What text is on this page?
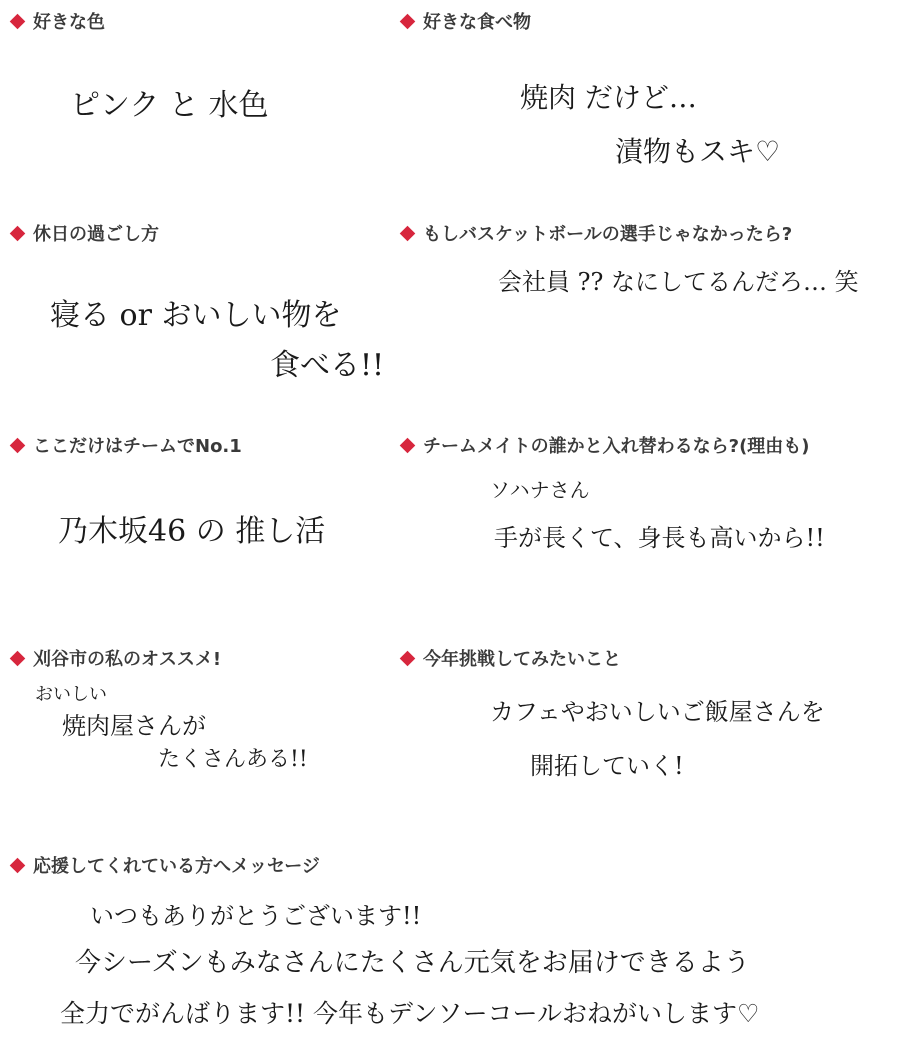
好きな色
ピンク と 水色
好きな食べ物
焼肉 だけど…
漬物もスキ♡
休日の過ごし方
寝る or おいしい物を
食べる!!
もしバスケットボールの選手じゃなかったら?
会社員 ?? なにしてるんだろ… 笑
ここだけはチームでNo.1
乃木坂46 の 推し活
チームメイトの誰かと入れ替わるなら?(理由も)
ソハナさん
手が長くて、身長も高いから!!
刈谷市の私のオススメ!
おいしい
焼肉屋さんが
たくさんある!!
今年挑戦してみたいこと
カフェやおいしいご飯屋さんを
開拓していく!
応援してくれている方へメッセージ
いつもありがとうございます!!
今シーズンもみなさんにたくさん元気をお届けできるよう
全力でがんばります!! 今年もデンソーコールおねがいします♡
